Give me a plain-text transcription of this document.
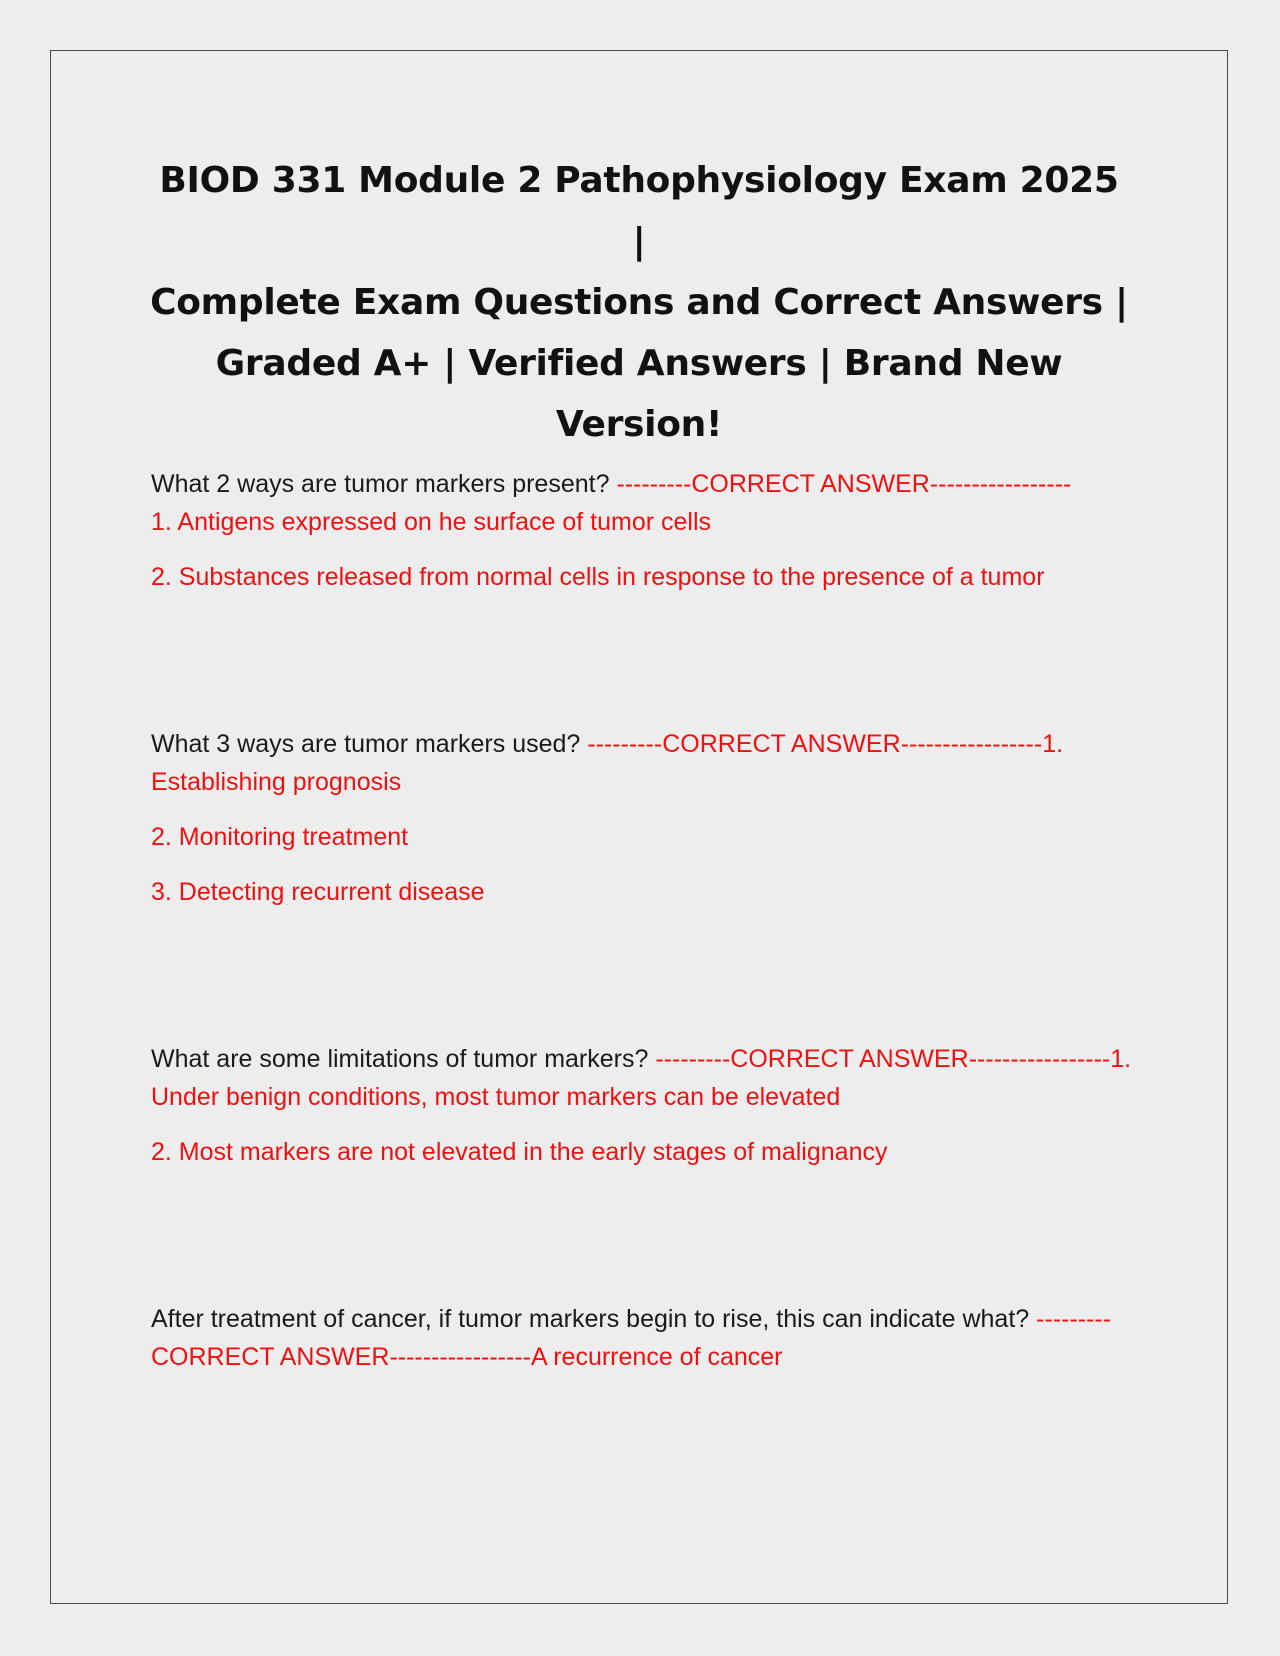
BIOD 331 Module 2 Pathophysiology Exam 2025 |
Complete Exam Questions and Correct Answers |
Graded A+ | Verified Answers | Brand New
Version!

What 2 ways are tumor markers present? ---------CORRECT ANSWER-----------------
1. Antigens expressed on he surface of tumor cells

2. Substances released from normal cells in response to the presence of a tumor

What 3 ways are tumor markers used? ---------CORRECT ANSWER-----------------1. Establishing prognosis

2. Monitoring treatment

3. Detecting recurrent disease

What are some limitations of tumor markers? ---------CORRECT ANSWER-----------------1. Under benign conditions, most tumor markers can be elevated

2. Most markers are not elevated in the early stages of malignancy

After treatment of cancer, if tumor markers begin to rise, this can indicate what? ---------CORRECT ANSWER-----------------A recurrence of cancer
